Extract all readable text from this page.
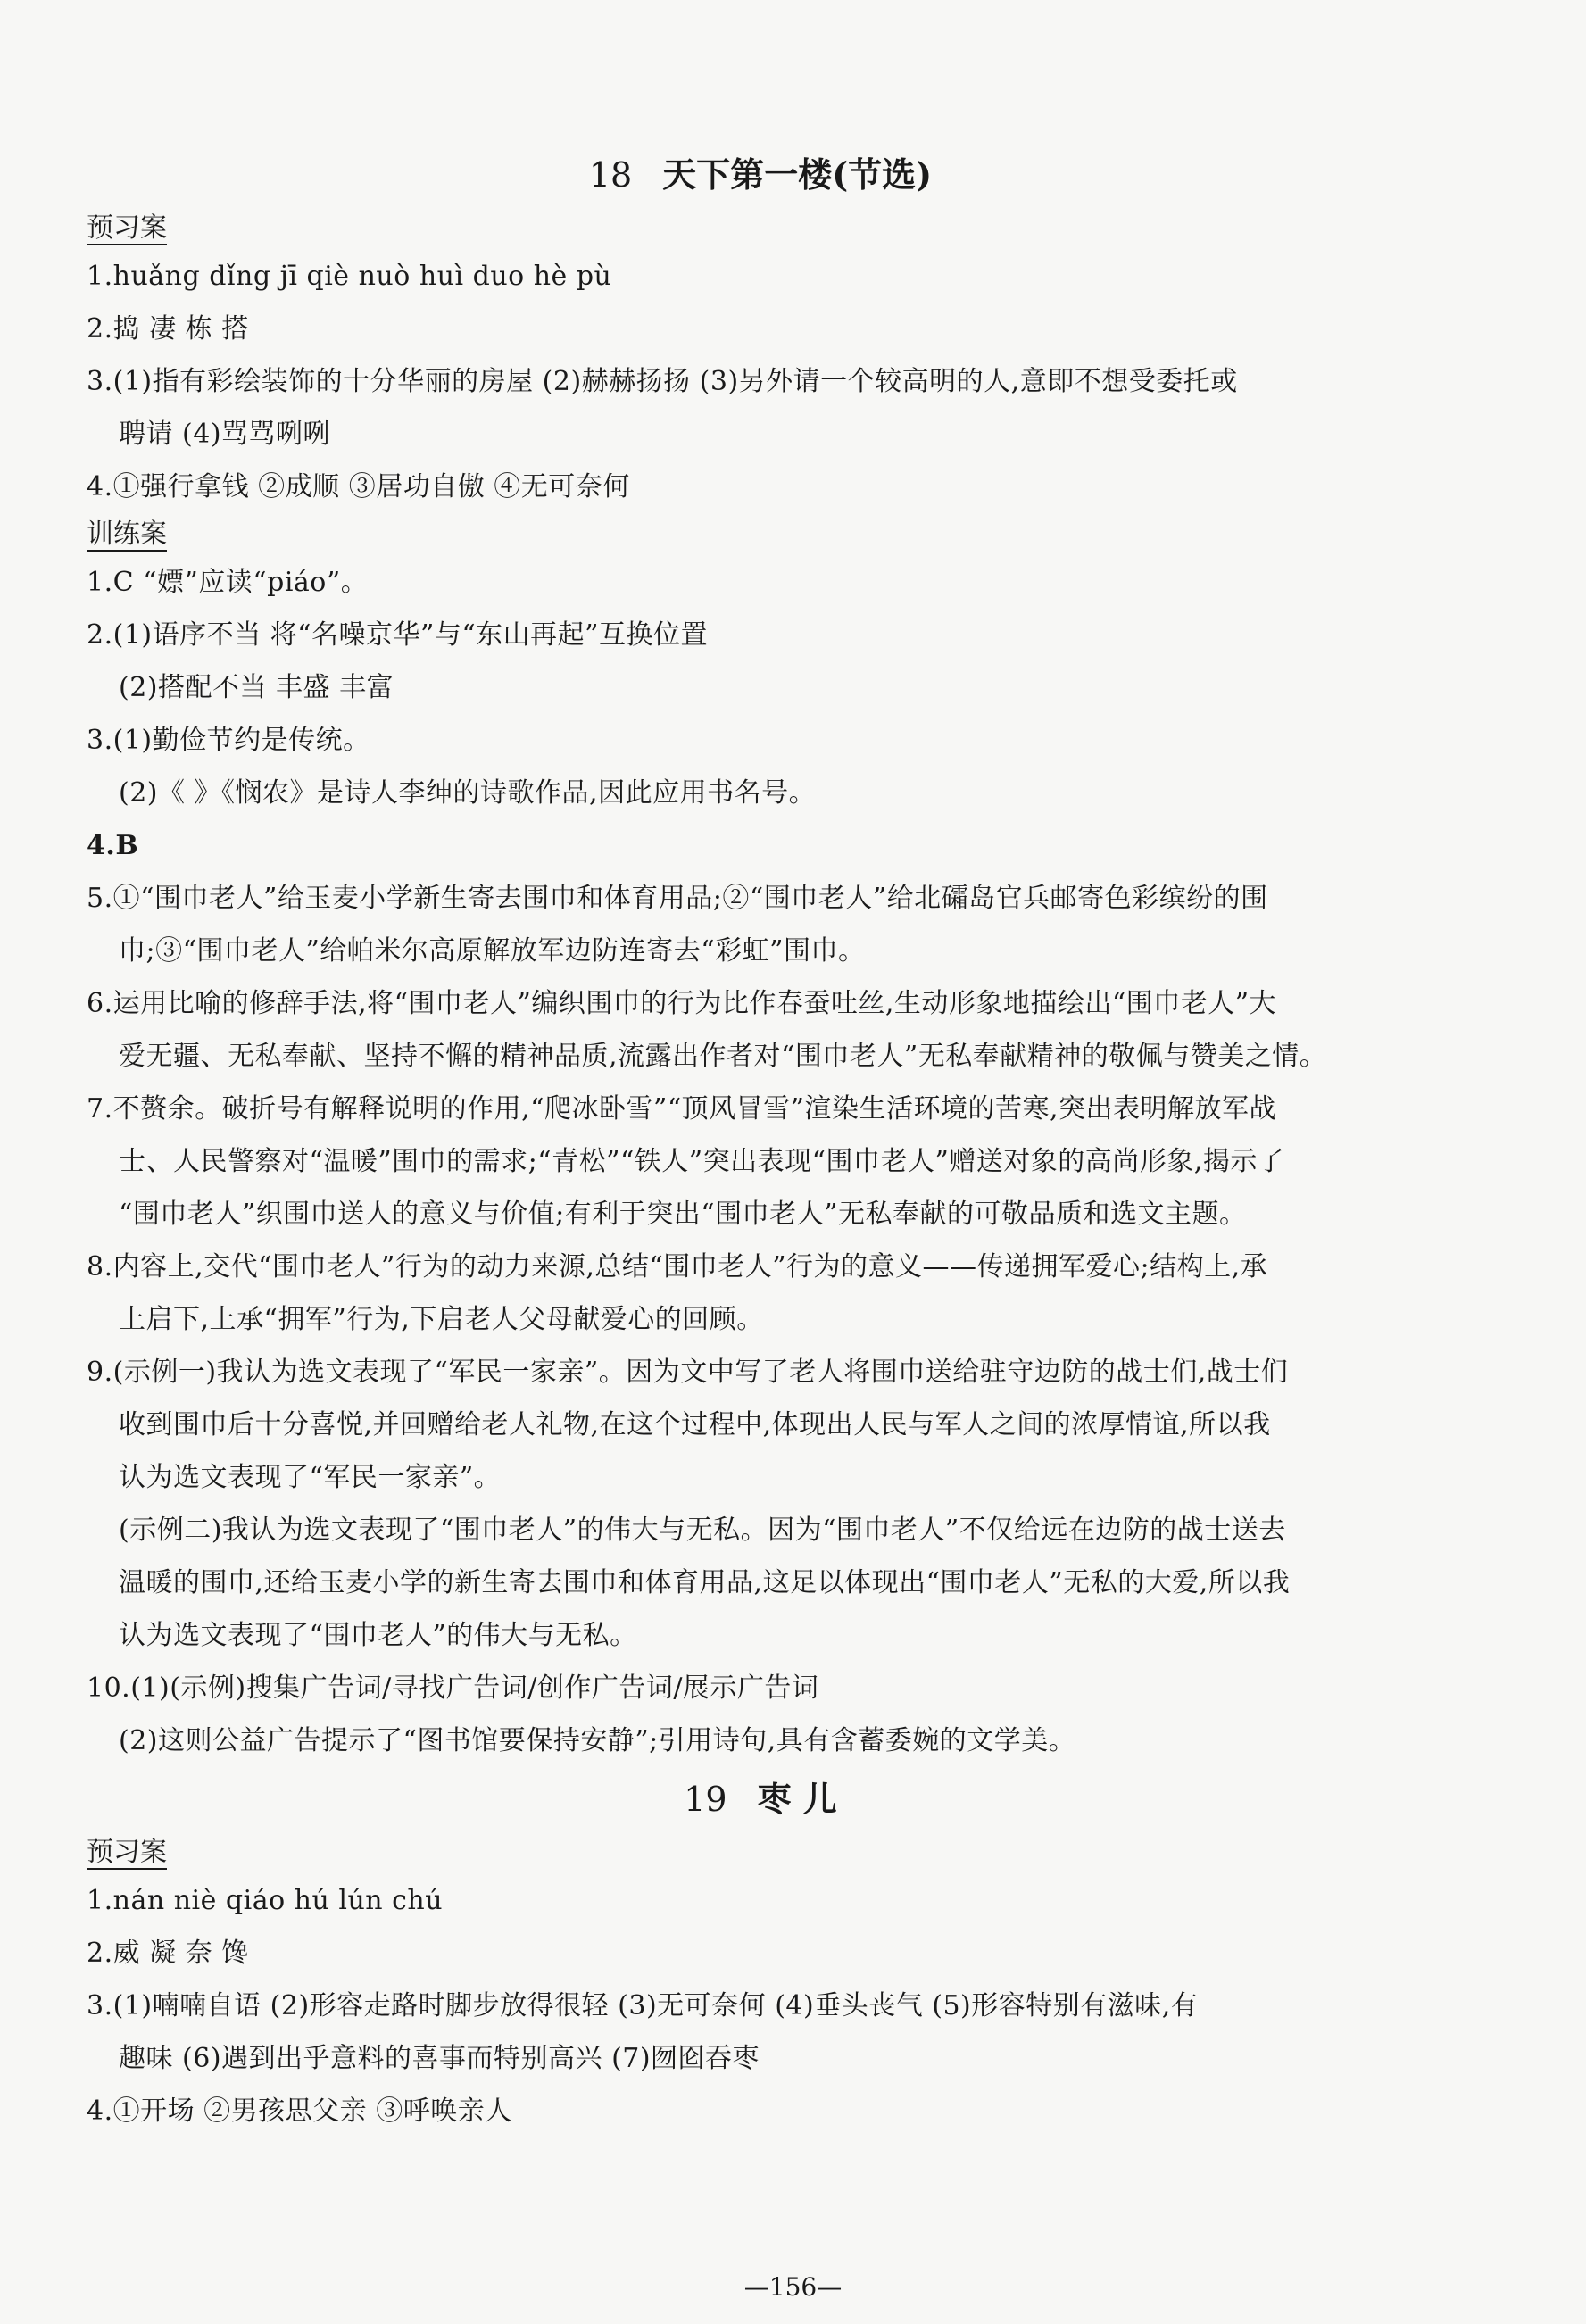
18 天下第一楼(节选)
预习案
1.huǎng dǐng jī qiè nuò huì duo hè pù
2.捣 凄 栋 搭
3.(1)指有彩绘装饰的十分华丽的房屋 (2)赫赫扬扬 (3)另外请一个较高明的人,意即不想受委托或
聘请 (4)骂骂咧咧
4.①强行拿钱 ②成顺 ③居功自傲 ④无可奈何
训练案
1.C “嫖”应读“piáo”。
2.(1)语序不当 将“名噪京华”与“东山再起”互换位置
(2)搭配不当 丰盛 丰富
3.(1)勤俭节约是传统。
(2)《 》《悯农》是诗人李绅的诗歌作品,因此应用书名号。
4.B
5.①“围巾老人”给玉麦小学新生寄去围巾和体育用品;②“围巾老人”给北礵岛官兵邮寄色彩缤纷的围
巾;③“围巾老人”给帕米尔高原解放军边防连寄去“彩虹”围巾。
6.运用比喻的修辞手法,将“围巾老人”编织围巾的行为比作春蚕吐丝,生动形象地描绘出“围巾老人”大
爱无疆、无私奉献、坚持不懈的精神品质,流露出作者对“围巾老人”无私奉献精神的敬佩与赞美之情。
7.不赘余。破折号有解释说明的作用,“爬冰卧雪”“顶风冒雪”渲染生活环境的苦寒,突出表明解放军战
士、人民警察对“温暖”围巾的需求;“青松”“铁人”突出表现“围巾老人”赠送对象的高尚形象,揭示了
“围巾老人”织围巾送人的意义与价值;有利于突出“围巾老人”无私奉献的可敬品质和选文主题。
8.内容上,交代“围巾老人”行为的动力来源,总结“围巾老人”行为的意义——传递拥军爱心;结构上,承
上启下,上承“拥军”行为,下启老人父母献爱心的回顾。
9.(示例一)我认为选文表现了“军民一家亲”。因为文中写了老人将围巾送给驻守边防的战士们,战士们
收到围巾后十分喜悦,并回赠给老人礼物,在这个过程中,体现出人民与军人之间的浓厚情谊,所以我
认为选文表现了“军民一家亲”。
(示例二)我认为选文表现了“围巾老人”的伟大与无私。因为“围巾老人”不仅给远在边防的战士送去
温暖的围巾,还给玉麦小学的新生寄去围巾和体育用品,这足以体现出“围巾老人”无私的大爱,所以我
认为选文表现了“围巾老人”的伟大与无私。
10.(1)(示例)搜集广告词/寻找广告词/创作广告词/展示广告词
(2)这则公益广告提示了“图书馆要保持安静”;引用诗句,具有含蓄委婉的文学美。
19 枣 儿
预习案
1.nán niè qiáo hú lún chú
2.威 凝 奈 馋
3.(1)喃喃自语 (2)形容走路时脚步放得很轻 (3)无可奈何 (4)垂头丧气 (5)形容特别有滋味,有
趣味 (6)遇到出乎意料的喜事而特别高兴 (7)囫囵吞枣
4.①开场 ②男孩思父亲 ③呼唤亲人
—156—
